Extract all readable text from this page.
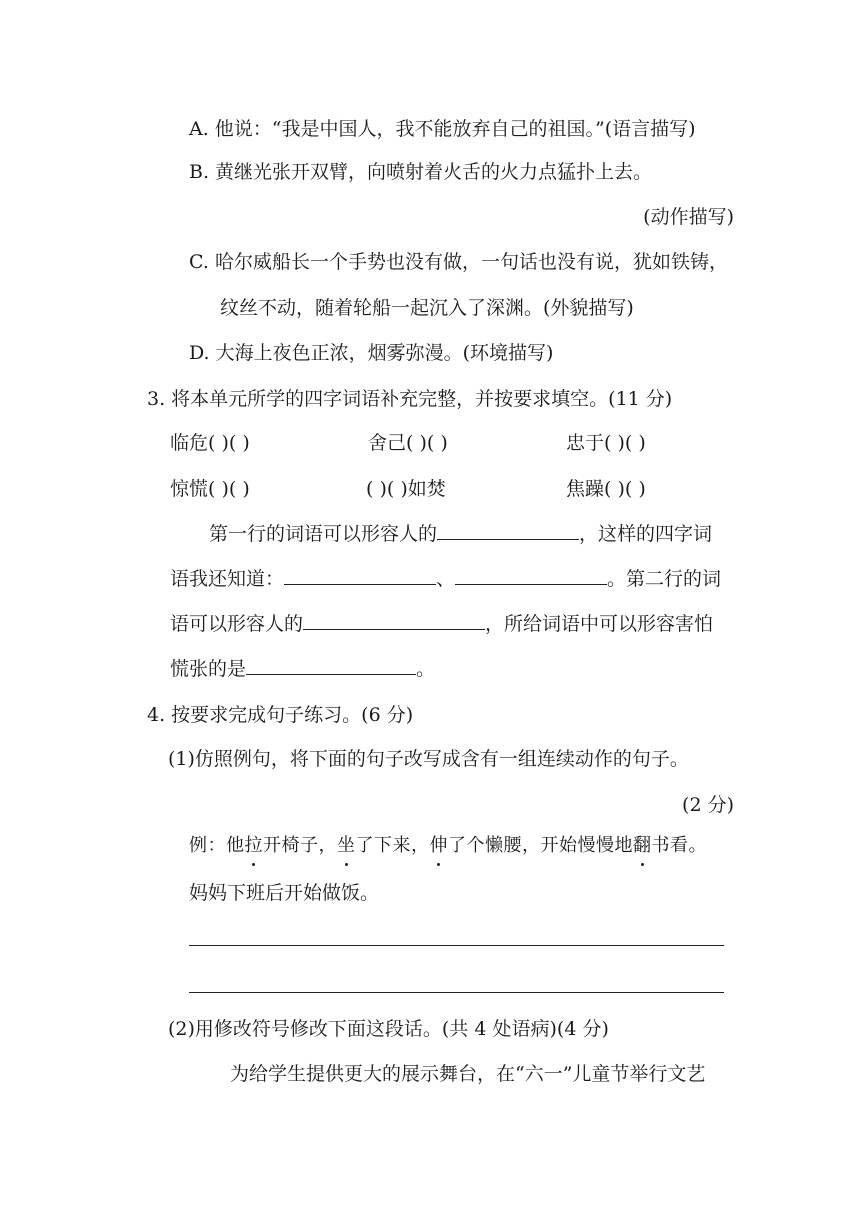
A. 他说：“我是中国人，我不能放弃自己的祖国。”(语言描写)
B. 黄继光张开双臂，向喷射着火舌的火力点猛扑上去。
(动作描写)
C. 哈尔威船长一个手势也没有做，一句话也没有说，犹如铁铸，
纹丝不动，随着轮船一起沉入了深渊。(外貌描写)
D. 大海上夜色正浓，烟雾弥漫。(环境描写)
3. 将本单元所学的四字词语补充完整，并按要求填空。(11 分)
临危( )( )	舍己( )( )	忠于( )( )
惊慌( )( )	( )( )如焚	焦躁( )( )
第一行的词语可以形容人的	，这样的四字词
语我还知道：	、	。第二行的词
语可以形容人的	，所给词语中可以形容害怕
慌张的是	。
4. 按要求完成句子练习。(6 分)
(1)仿照例句，将下面的句子改写成含有一组连续动作的句子。
(2 分)
例：他拉开椅子，坐了下来，伸了个懒腰，开始慢慢地翻书看。
妈妈下班后开始做饭。
(2)用修改符号修改下面这段话。(共 4 处语病)(4 分)
为给学生提供更大的展示舞台，在“六一”儿童节举行文艺
